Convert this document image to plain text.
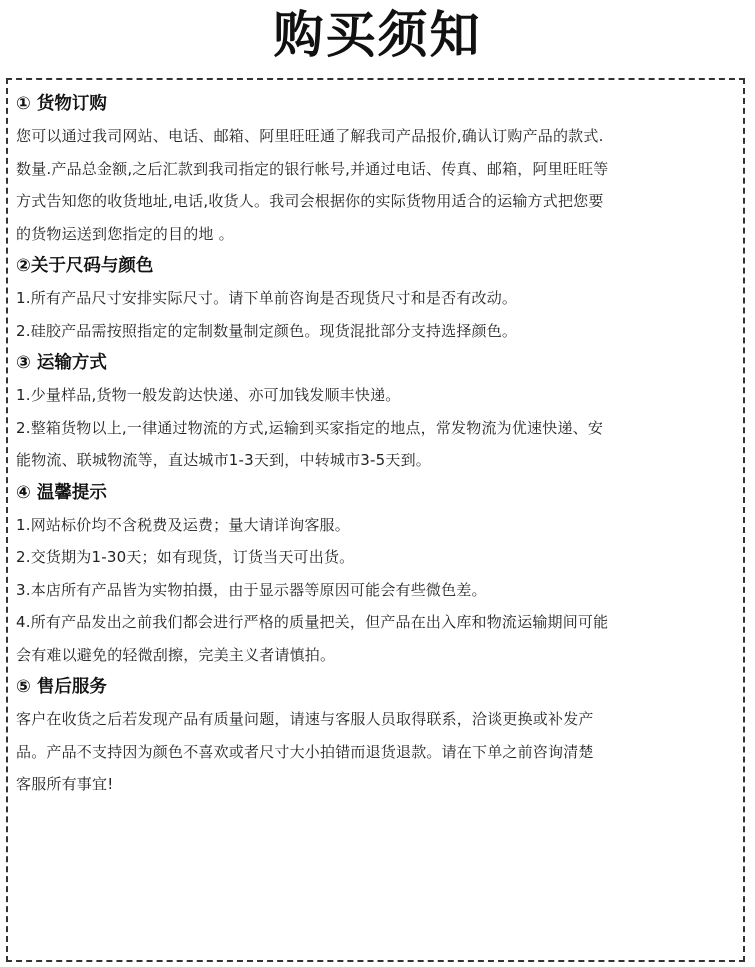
购买须知

① 货物订购

您可以通过我司网站、电话、邮箱、阿里旺旺通了解我司产品报价,确认订购产品的款式.
数量.产品总金额,之后汇款到我司指定的银行帐号,并通过电话、传真、邮箱，阿里旺旺等
方式告知您的收货地址,电话,收货人。我司会根据你的实际货物用适合的运输方式把您要
的货物运送到您指定的目的地 。

②关于尺码与颜色

1.所有产品尺寸安排实际尺寸。请下单前咨询是否现货尺寸和是否有改动。
2.硅胶产品需按照指定的定制数量制定颜色。现货混批部分支持选择颜色。

③ 运输方式

1.少量样品,货物一般发韵达快递、亦可加钱发顺丰快递。
2.整箱货物以上,一律通过物流的方式,运输到买家指定的地点，常发物流为优速快递、安
能物流、联城物流等，直达城市1-3天到，中转城市3-5天到。

④ 温馨提示

1.网站标价均不含税费及运费；量大请详询客服。
2.交货期为1-30天；如有现货，订货当天可出货。
3.本店所有产品皆为实物拍摄，由于显示器等原因可能会有些微色差。
4.所有产品发出之前我们都会进行严格的质量把关，但产品在出入库和物流运输期间可能
会有难以避免的轻微刮擦，完美主义者请慎拍。

⑤ 售后服务

客户在收货之后若发现产品有质量问题，请速与客服人员取得联系，洽谈更换或补发产
品。产品不支持因为颜色不喜欢或者尺寸大小拍错而退货退款。请在下单之前咨询清楚
客服所有事宜!
